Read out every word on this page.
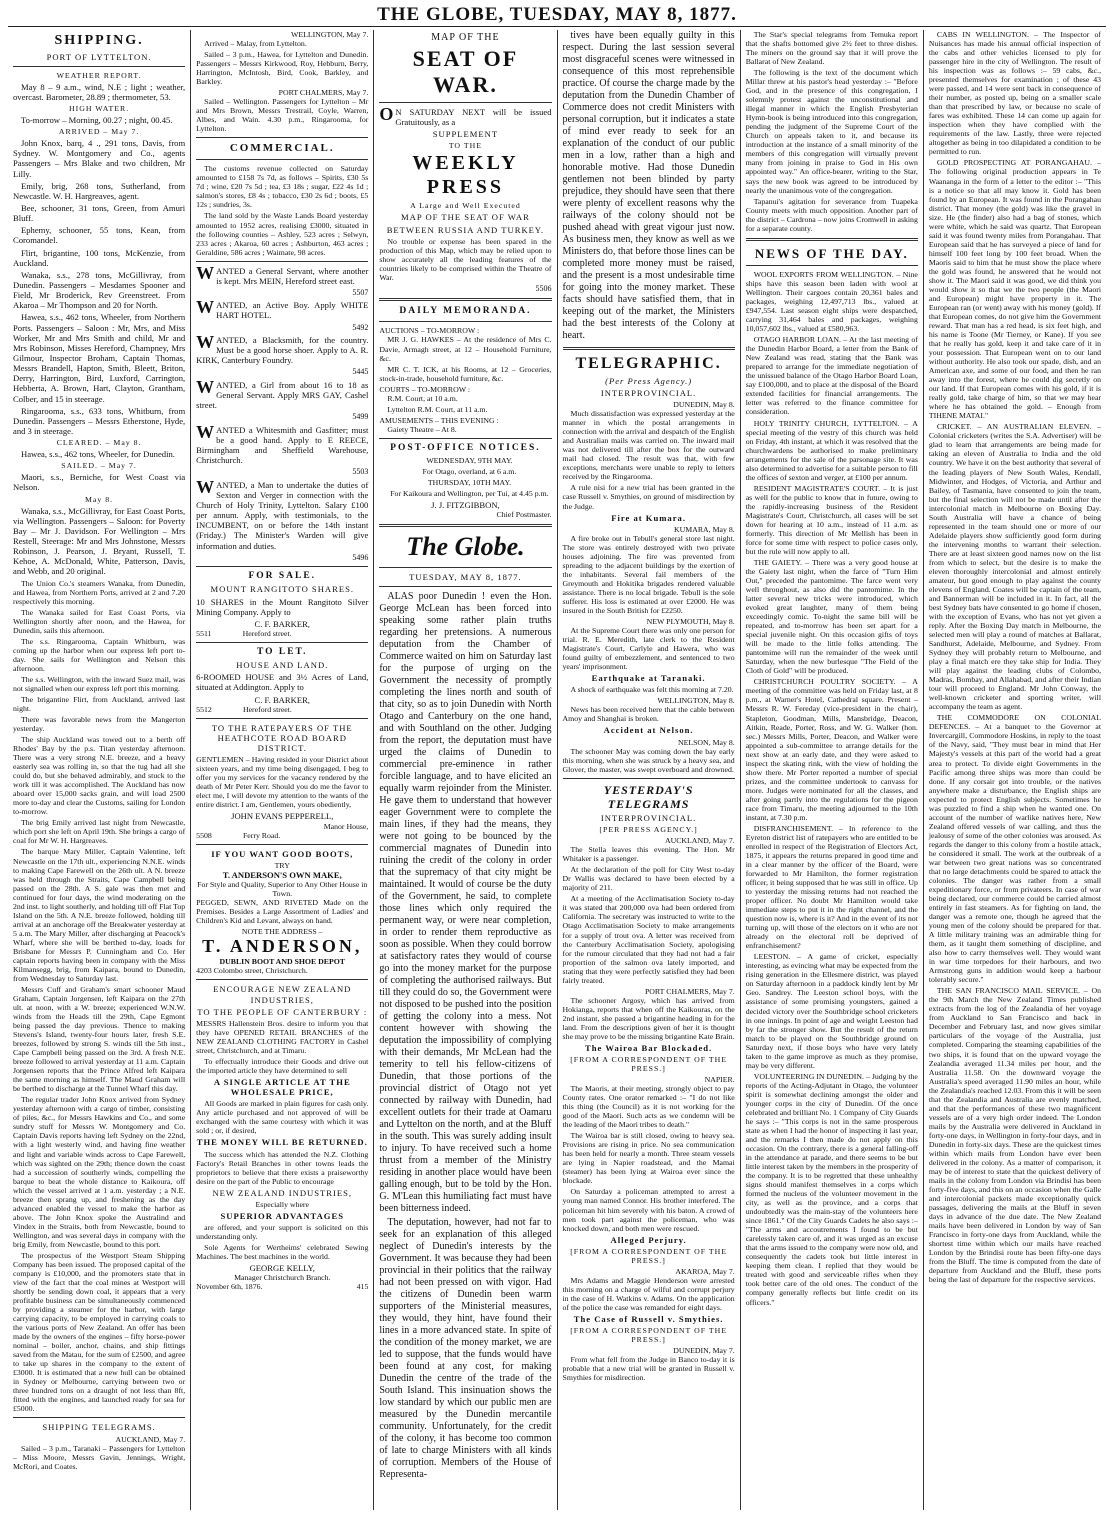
THE GLOBE, TUESDAY, MAY 8, 1877.
SHIPPING.
PORT OF LYTTELTON.
WEATHER REPORT.

May 8 – 9 a.m., wind, N.E ; light ; weather, overcast. Barometer, 28.89 ; thermometer, 53.

HIGH WATER.

To-morrow – Morning, 00.27 ; night, 00.45.

ARRIVED – May 7.

John Knox, barq, 4 ., 291 tons, Davis, from Sydney. W. Montgomery and Co., agents Passengers – Mrs Blake and two children, Mr Lilly.

Emily, brig, 268 tons, Sutherland, from Newcastle. W. H. Hargreaves, agent.

Bee, schooner, 31 tons, Green, from Amuri Bluff.

Ephemy, schooner, 55 tons, Kean, from Coromandel.

Flirt, brigantine, 100 tons, McKenzie, from Auckland.

Wanaka, s.s., 278 tons, McGillivray, from Dunedin. Passengers – Mesdames Spooner and Field, Mr Broderick, Rev Greenstreet. From Akaroa – Mr Thompson and 20 for North.

Hawea, s.s., 462 tons, Wheeler, from Northern Ports. Passengers – Saloon : Mr, Mrs, and Miss Worker, Mr and Mrs Smith and child, Mr and Mrs Robinson, Misses Hereford, Champney, Mrs Gilmour, Inspector Broham, Captain Thomas, Messrs Brandell, Hapton, Smith, Bleett, Briton, Derry, Harrington, Bird, Luxford, Carrington, Hebberta, A. Brown, Hart, Clayton, Grantham, Colber, and 15 in steerage.

Ringarooma, s.s., 633 tons, Whitburn, from Dunedin. Passengers – Messrs Etherstone, Hyde, and 3 in steerage.

CLEARED. – May 8.

Hawea, s.s., 462 tons, Wheeler, for Dunedin.

SAILED. – May 7.

Maori, s.s., Berniche, for West Coast via Nelson.

May 8.

Wanaka, s.s., McGillivray, for East Coast Ports, via Wellington. Passengers – Saloon: for Poverty Bay – Mr J. Davidson. For Wellington – Mrs Restell, Steerage: Mr and Mrs Johnstone, Messrs Robinson, J. Pearson, J. Bryant, Russell, T. Kehoe, A. McDonald, White, Patterson, Davis, and Webb, and 20 original.

The Union Co.'s steamers Wanaka, from Dunedin, and Hawea, from Northern Ports, arrived at 2 and 7.20 respectively this morning.

The Wanaka sailed for East Coast Ports, via Wellington shortly after noon, and the Hawea, for Dunedin, sails this afternoon.

The s.s. Ringarooma, Captain Whitburn, was coming up the harbor when our express left port to-day. She sails for Wellington and Nelson this afternoon.

The s.s. Wellington, with the inward Suez mail, was not signalled when our express left port this morning.

The brigantine Flirt, from Auckland, arrived last night.

There was favorable news from the Mangerton yesterday.

The ship Auckland was towed out to a berth off Rhodes' Bay by the p.s. Titan yesterday afternoon. There was a very strong N.E. breeze, and a heavy easterly sea was rolling in, so that the tug had all she could do, but she behaved admirably, and stuck to the work till it was accomplished. The Auckland has now aboard over 15,000 sacks grain, and will load 2500 more to-day and clear the Customs, sailing for London to-morrow.

The brig Emily arrived last night from Newcastle, which port she left on April 19th. She brings a cargo of coal for Mr W. H. Hargreaves.

The barque Mary Miller, Captain Valentine, left Newcastle on the 17th ult., experiencing N.N.E. winds to making Cape Farewell on the 26th ult. A N. breeze was held through the Straits, Cape Campbell being passed on the 28th. A S. gale was then met and continued for four days, the wind moderating on the 2nd inst. to light southerly, and holding till off Flat Top Island on the 5th. A N.E. breeze followed, holding till arrival at an anchorage off the Breakwater yesterday at 5 a.m. The Mary Miller, after discharging at Peacock's Wharf, where she will be berthed to-day, loads for Brisbane for Messrs P. Cunningham and Co. Her captain reports having been in company with the Miss Kilmansegg, brig, from Kaipara, bound to Dunedin, from Wednesday to Saturday last.

Messrs Cuff and Graham's smart schooner Maud Graham, Captain Jorgensen, left Kaipara on the 27th ult. at noon, with a W. breeze; experienced W.N.W. winds from the Heads till the 29th, Cape Egmont being passed the day previous. Thence to making Stevens's Island, twenty-four hours later, fresh S.E. breezes, followed by strong S. winds till the 5th inst., Cape Campbell being passed on the 3rd. A fresh N.E. breeze followed to arrival yesterday at 11 a.m. Captain Jorgensen reports that the Prince Alfred left Kaipara the same morning as himself. The Maud Graham will be berthed to discharge at the Tunnel Wharf this day.

The regular trader John Knox arrived from Sydney yesterday afternoon with a cargo of timber, consisting of piles, &c., for Messrs Hawkins and Co., and some sundry stuff for Messrs W. Montgomery and Co. Captain Davis reports having left Sydney on the 22nd, with a light westerly wind, and having fine weather and light and variable winds across to Cape Farewell, which was sighted on the 29th; thence down the coast had a succession of southerly winds, compelling the barque to beat the whole distance to Kaikoura, off which the vessel arrived at 1 a.m. yesterday ; a N.E. breeze then sprang up, and freshening as the day advanced enabled the vessel to make the harbor as above. The John Knox spoke the Australind and Vindex in the Straits, both from Newcastle, bound to Wellington, and was several days in company with the brig Emily, from Newcastle, bound to this port.

The prospectus of the Westport Steam Shipping Company has been issued. The proposed capital of the company is £10,000, and the promoters state that in view of the fact that the coal mines at Westport will shortly be sending down coal, it appears that a very profitable business can be simultaneously commenced by providing a steamer for the harbor, with large carrying capacity, to be employed in carrying coals to the various ports of New Zealand. An offer has been made by the owners of the engines – fifty horse-power nominal – boiler, anchor, chains, and ship fittings saved from the Matau, for the sum of £2500, and agree to take up shares in the company to the extent of £3000. It is estimated that a new hull can be obtained in Sydney or Melbourne, carrying between two or three hundred tons on a draught of not less than 8ft, fitted with the engines, and launched ready for sea for £5000.

SHIPPING TELEGRAMS.
AUCKLAND, May 7.

Sailed – 3 p.m., Taranaki – Passengers for Lyttelton – Miss Moore, Messrs Gavin, Jennings, Wright, McRori, and Coates.

WELLINGTON, May 7.

Arrived – Malay, from Lyttelton.

Sailed – 3 p.m., Hawea, for Lyttelton and Dunedin. Passengers – Messrs Kirkwood, Roy, Hebburn, Berry, Harrington, McIntosh, Bird, Cook, Barkley, and Barkley.

PORT CHALMERS, May 7.

Sailed – Wellington. Passengers for Lyttelton – Mr and Mrs Brown, Messrs Trestrail, Coyle, Warren, Albes, and Wain. 4.30 p.m., Ringarooma, for Lyttelton.

COMMERCIAL.

The customs revenue collected on Saturday amounted to £158 7s 7d, as follows – Spirits, £30 5s 7d ; wine, £20 7s 5d ; tea, £3 18s ; sugar, £22 4s 1d ; salmon's stores, £8 4s ; tobacco, £30 2s 6d ; boots, £5 12s ; sundries, 3s.

The land sold by the Waste Lands Board yesterday amounted to 1952 acres, realising £3000, situated in the following counties – Ashley, 523 acres ; Selwyn, 233 acres ; Akaroa, 60 acres ; Ashburton, 463 acres ; Geraldine, 586 acres ; Waimate, 98 acres.

WANTED a General Servant, where another is kept. Mrs MEIN, Hereford street east.

5507

WANTED, an Active Boy. Apply WHITE HART HOTEL.

5492

WANTED, a Blacksmith, for the country. Must be a good horse shoer. Apply to A. R. KIRK, Canterbury Foundry.

5445

WANTED, a Girl from about 16 to 18 as General Servant. Apply MRS GAY, Cashel street.

5499

WANTED a Whitesmith and Gasfitter; must be a good hand. Apply to E REECE, Birmingham and Sheffield Warehouse, Christchurch.

5503

WANTED, a Man to undertake the duties of Sexton and Verger in connection with the Church of Holy Trinity, Lyttelton. Salary £100 per annum. Apply, with testimonials, to the INCUMBENT, on or before the 14th instant (Friday.) The Minister's Warden will give information and duties.

5496
FOR SALE.
MOUNT RANGITOTO SHARES.

10 SHARES in the Mount Rangitoto Silver Mining Company. Apply to

C. F. BARKER,
5511                Hereford street.
TO LET.
HOUSE AND LAND.

6-ROOMED HOUSE and 3½ Acres of Land, situated at Addington. Apply to

C. F. BARKER,
5512                Hereford street.
TO THE RATEPAYERS OF THE HEATHCOTE ROAD BOARD DISTRICT.

GENTLEMEN – Having resided in your District about sixteen years, and my time being disengaged, I beg to offer you my services for the vacancy rendered by the death of Mr Peter Kerr. Should you do me the favor to elect me, I will devote my attention to the wants of the entire district. I am, Gentlemen, yours obediently,

JOHN EVANS PEPPERELL,
Manor House,
5508                Ferry Road.
IF YOU WANT GOOD BOOTS,
TRY
T. ANDERSON'S OWN MAKE,
For Style and Quality, Superior to Any Other House in Town.

PEGGED, SEWN, AND RIVETED Made on the Premises. Besides a Large Assortment of Ladies' and Children's Kid and Levant, always on hand.

NOTE THE ADDRESS –
T. ANDERSON,
DUBLIN BOOT AND SHOE DEPOT
4203 Colombo street, Christchurch.
ENCOURAGE NEW ZEALAND INDUSTRIES,
TO THE PEOPLE OF CANTERBURY :

MESSRS Hallenstein Bros. desire to inform you that they have OPENED RETAIL BRANCHES of the NEW ZEALAND CLOTHING FACTORY in Cashel street, Christchurch, and at Timaru.

To effectually introduce their Goods and drive out the imported article they have determined to sell

A SINGLE ARTICLE AT THE WHOLESALE PRICE,

All Goods are marked in plain figures for cash only. Any article purchased and not approved of will be exchanged with the same courtesy with which it was sold ; or, if desired,

THE MONEY WILL BE RETURNED.

The success which has attended the N.Z. Clothing Factory's Retail Branches in other towns leads the proprietors to believe that there exists a praiseworthy desire on the part of the Public to encourage

NEW ZEALAND INDUSTRIES,
Especially where
SUPERIOR ADVANTAGES

are offered, and your support is solicited on this understanding only.

Sole Agents for Wertheims' celebrated Sewing Machines. The best machines in the world.

GEORGE KELLY,
Manager Christchurch Branch.
November 6th, 1876.	415
MAP OF THE
SEAT OF WAR.

ON SATURDAY NEXT will be issued Gratuitously, as a

SUPPLEMENT
TO THE
WEEKLY PRESS
A Large and Well Executed
MAP OF THE SEAT OF WAR
BETWEEN RUSSIA AND TURKEY.

No trouble or expense has been spared in the production of this Map, which may be relied upon to show accurately all the leading features of the countries likely to be comprised within the Theatre of War.

5506
DAILY MEMORANDA.
AUCTIONS – TO-MORROW :

MR J. G. HAWKES – At the residence of Mrs C. Davie, Armagh street, at 12 – Household Furniture, &c.

MR C. T. ICK, at his Rooms, at 12 – Groceries, stock-in-trade, household furniture, &c.

COURTS – TO-MORROW :

R.M. Court, at 10 a.m.

Lyttelton R.M. Court, at 11 a.m.

AMUSEMENTS – THIS EVENING :
Gaiety Theatre – At 8.
POST-OFFICE NOTICES.

WEDNESDAY, 9TH MAY.

For Otago, overland, at 6 a.m.

THURSDAY, 10TH MAY.

For Kaikoura and Wellington, per Tui, at 4.45 p.m.

J. J. FITZGIBBON,
Chief Postmaster.
The Globe.
TUESDAY, MAY 8, 1877.

ALAS poor Dunedin ! even the Hon. George McLean has been forced into speaking some rather plain truths regarding her pretensions. A numerous deputation from the Chamber of Commerce waited on him on Saturday last for the purpose of urging on the Government the necessity of promptly completing the lines north and south of that city, so as to join Dunedin with North Otago and Canterbury on the one hand, and with Southland on the other. Judging from the report, the deputation must have urged the claims of Dunedin to commercial pre-eminence in rather forcible language, and to have elicited an equally warm rejoinder from the Minister. He gave them to understand that however eager Government were to complete the main lines, if they had the means, they were not going to be bounced by the commercial magnates of Dunedin into ruining the credit of the colony in order that the supremacy of that city might be maintained. It would of course be the duty of the Government, he said, to complete those lines which only required the permanent way, or were near completion, in order to render them reproductive as soon as possible. When they could borrow at satisfactory rates they would of course go into the money market for the purpose of completing the authorised railways. But till they could do so, the Government were not disposed to be pushed into the position of getting the colony into a mess. Not content however with showing the deputation the impossibility of complying with their demands, Mr McLean had the temerity to tell his fellow-citizens of Dunedin, that those portions of the provincial district of Otago not yet connected by railway with Dunedin, had excellent outlets for their trade at Oamaru and Lyttelton on the north, and at the Bluff in the south. This was surely adding insult to injury. To have received such a home thrust from a member of the Ministry residing in another place would have been galling enough, but to be told by the Hon. G. M'Lean this humiliating fact must have been bitterness indeed.

The deputation, however, had not far to seek for an explanation of this alleged neglect of Dunedin's interests by the Government. It was because they had been provincial in their politics that the railway had not been pressed on with vigor. Had the citizens of Dunedin been warm supporters of the Ministerial measures, they would, they hint, have found their lines in a more advanced state. In spite of the condition of the money market, we are led to suppose, that the funds would have been found at any cost, for making Dunedin the centre of the trade of the South Island. This insinuation shows the low standard by which our public men are measured by the Dunedin mercantile community. Unfortunately, for the credit of the colony, it has become too common of late to charge Ministers with all kinds of corruption. Members of the House of Representa-

tives have been equally guilty in this respect. During the last session several most disgraceful scenes were witnessed in consequence of this most reprehensible practice. Of course the charge made by the deputation from the Dunedin Chamber of Commerce does not credit Ministers with personal corruption, but it indicates a state of mind ever ready to seek for an explanation of the conduct of our public men in a low, rather than a high and honorable motive. Had those Dunedin gentlemen not been blinded by party prejudice, they should have seen that there were plenty of excellent reasons why the railways of the colony should not be pushed ahead with great vigour just now. As business men, they know as well as we Ministers do, that before those lines can be completed more money must be raised, and the present is a most undesirable time for going into the money market. These facts should have satisfied them, that in keeping out of the market, the Ministers had the best interests of the Colony at heart.

TELEGRAPHIC.
(Per Press Agency.)
INTERPROVINCIAL.
DUNEDIN, May 8.

Much dissatisfaction was expressed yesterday at the manner in which the postal arrangements in connection with the arrival and despatch of the English and Australian mails was carried on. The inward mail was not delivered till after the box for the outward mail had closed. The result was that, with few exceptions, merchants were unable to reply to letters received by the Ringarooma.

A rule nisi for a new trial has been granted in the case Russell v. Smythies, on ground of misdirection by the Judge.

Fire at Kumara.
KUMARA, May 8.

A fire broke out in Tebull's general store last night. The store was entirely destroyed with two private houses adjoining. The fire was prevented from spreading to the adjacent buildings by the exertion of the inhabitants. Several fail members of the Greymouth and Hokitika brigades rendered valuable assistance. There is no local brigade. Tebull is the sole sufferer. His loss is estimated at over £2000. He was insured in the South British for £2250.

NEW PLYMOUTH, May 8.

At the Supreme Court there was only one person for trial. R. E. Meredith, late clerk to the Resident Magistrate's Court, Carlyle and Hawera, who was found guilty of embezzlement, and sentenced to two years' imprisonment.

Earthquake at Taranaki.

A shock of earthquake was felt this morning at 7.20.

WELLINGTON, May 8.

News has been received here that the cable between Amoy and Shanghai is broken.

Accident at Nelson.
NELSON, May 8.

The schooner May was coming down the bay early this morning, when she was struck by a heavy sea, and Glover, the master, was swept overboard and drowned.

YESTERDAY'S TELEGRAMS
INTERPROVINCIAL.
[PER PRESS AGENCY.]
AUCKLAND, May 7.

The Stella leaves this evening. The Hon. Mr Whitaker is a passenger.

At the declaration of the poll for City West to-day Dr Wallis was declared to have been elected by a majority of 211.

At a meeting of the Acclimatisation Society to-day it was stated that 200,000 ova had been ordered from California. The secretary was instructed to write to the Otago Acclimatisation Society to make arrangements for a supply of trout ova. A letter was received from the Canterbury Acclimatisation Society, apologising for the rumour circulated that they had not had a fair proportion of the salmon ova lately imported, and stating that they were perfectly satisfied they had been fairly treated.

PORT CHALMERS, May 7.

The schooner Argosy, which has arrived from Hokianga, reports that when off the Kaikouras, on the 2nd instant, she passed a brigantine heading in for the land. From the descriptions given of her it is thought she may prove to be the missing brigantine Kate Brain.

The Wairoa Bar Blockaded.
[FROM A CORRESPONDENT OF THE PRESS.]
NAPIER.

The Maoris, at their meeting, strongly object to pay County rates. One orator remarked :– "I do not like this thing (the Council) as it is not working for the good of the Maori. Such acts as we condemn will be the leading of the Maori tribes to death."

The Wairoa bar is still closed, owing to heavy sea. Provisions are rising in price. No sea communication has been held for nearly a month. Three steam vessels are lying in Napier roadstead, and the Mamai (steamer) has been lying at Wairoa ever since the blockade.

On Saturday a policeman attempted to arrest a young man named Connor. His brother interfered. The policeman hit him severely with his baton. A crowd of men took part against the policeman, who was knocked down, and both men were rescued.

Alleged Perjury.
[FROM A CORRESPONDENT OF THE PRESS.]
AKAROA, May 7.

Mrs Adams and Maggie Henderson were arrested this morning on a charge of wilful and corrupt perjury in the case of H. Watkins v. Adams. On the application of the police the case was remanded for eight days.

The Case of Russell v. Smythies.
[FROM A CORRESPONDENT OF THE PRESS.]
DUNEDIN, May 7.

From what fell from the Judge in Banco to-day it is probable that a new trial will be granted in Russell v. Smythies for misdirection.

The Star's special telegrams from Temuka report that the shafts bottomed give 2½ feet to three dishes. The miners on the ground say that it will prove the Ballarat of New Zealand.

The following is the text of the document which Millar threw at his pastor's head yesterday :– "Before God, and in the presence of this congregation, I solemnly protest against the unconstitutional and illegal manner in which the English Presbyterian Hymn-book is being introduced into this congregation, pending the judgment of the Supreme Court of the Church on appeals taken to it, and because its introduction at the instance of a small minority of the members of this congregation will virtually prevent many from joining in praise to God in His own appointed way." An office-bearer, writing to the Star, says the new book was agreed to be introduced by nearly the unanimous vote of the congregation.

Tapanui's agitation for severance from Tuapeka County meets with much opposition. Another part of the district – Cardrona – now joins Cromwell in asking for a separate county.

NEWS OF THE DAY.

WOOL EXPORTS FROM WELLINGTON. – Nine ships have this season been laden with wool at Wellington. Their cargoes contain 20,361 bales and packages, weighing 12,497,713 lbs., valued at £947,554. Last season eight ships were despatched, carrying 31,464 bales and packages, weighing 10,057,602 lbs., valued at £580,963.

OTAGO HARBOR LOAN. – At the last meeting of the Dunedin Harbor Board, a letter from the Bank of New Zealand was read, stating that the Bank was prepared to arrange for the immediate negotiation of the unissued balance of the Otago Harbor Board Loan, say £100,000, and to place at the disposal of the Board extended facilities for financial arrangements. The letter was referred to the finance committee for consideration.

HOLY TRINITY CHURCH, LYTTELTON. – A special meeting of the vestry of this church was held on Friday, 4th instant, at which it was resolved that the churchwardens be authorised to make preliminary arrangements for the sale of the parsonage site. It was also determined to advertise for a suitable person to fill the offices of sexton and verger, at £100 per annum.

RESIDENT MAGISTRATE'S COURT. – It is just as well for the public to know that in future, owing to the rapidly-increasing business of the Resident Magistrate's Court, Christchurch, all cases will be set down for hearing at 10 a.m., instead of 11 a.m. as formerly. This direction of Mr Mellish has been in force for some time with respect to police cases only, but the rule will now apply to all.

THE GAIETY. – There was a very good house at the Gaiety last night, when the farce of "Turn Him Out," preceded the pantomime. The farce went very well throughout, as also did the pantomime. In the latter several new tricks were introduced, which evoked great laughter, many of them being exceedingly comic. To-night the same bill will be repeated, and to-morrow has been set apart for a special juvenile night. On this occasion gifts of toys will be made to the little folks attending. The pantomime will run the remainder of the week until Saturday, when the new burlesque "The Field of the Cloth of Gold" will be produced.

CHRISTCHURCH POULTRY SOCIETY. – A meeting of the committee was held on Friday last, at 8 p.m., at Warner's Hotel, Cathedral square. Present – Messrs R. W. Fereday (vice-president in the chair), Stapleton, Goodman, Mills, Mansbridge, Deacon, Aitkin, Reade, Porter, Ross, and W. G. Walker (hon. sec.) Messrs Mills, Porter, Deacon, and Walker were appointed a sub-committee to arrange details for the next show at an early date, and they were asked to inspect the skating rink, with the view of holding the show there. Mr Porter reported a number of special prizes, and the committee undertook to canvass for more. Judges were nominated for all the classes, and after going partly into the regulations for the pigeon race from Timaru, the meeting adjourned to the 10th instant, at 7.30 p.m.

DISFRANCHISEMENT. – In reference to the Eyreton district list of ratepayers who are entitled to be enrolled in respect of the Registration of Electors Act, 1875, it appears the returns prepared in good time and in a clear manner by the officer of the Board, were forwarded to Mr Hamilton, the former registration officer, it being supposed that he was still in office. Up to yesterday the missing returns had not reached the proper officer. No doubt Mr Hamilton would take immediate steps to put it in the right channel, and the question now is, where is it? And in the event of its not turning up, will those of the electors on it who are not already on the electoral roll be deprived of enfranchisement?

LEESTON. – A game of cricket, especially interesting, as evincing what may be expected from the rising generation in the Ellesmere district, was played on Saturday afternoon in a paddock kindly lent by Mr Geo. Sandrey. The Leeston school boys, with the assistance of some promising youngsters, gained a decided victory over the Southbridge school cricketers in one innings. In point of age and weight Leeston had by far the stronger show. But the result of the return match to be played on the Southbridge ground on Saturday next, if those boys who have very lately taken to the game improve as much as they promise, may be very different.

VOLUNTEERING IN DUNEDIN. – Judging by the reports of the Acting-Adjutant in Otago, the volunteer spirit is somewhat declining amongst the older and younger corps in the city of Dunedin. Of the once celebrated and brilliant No. 1 Company of City Guards he says :– "This corps is not in the same prosperous state as when I had the honor of inspecting it last year, and the remarks I then made do not apply on this occasion. On the contrary, there is a general falling-off in the attendance at parade, and there seems to be but little interest taken by the members in the prosperity of the company. It is to be regretted that these unhealthy signs should manifest themselves in a corps which formed the nucleus of the volunteer movement in the city, as well as the province, and a corps that undoubtedly was the main-stay of the volunteers here since 1861." Of the City Guards Cadets he also says :– "The arms and accoutrements I found to be but carelessly taken care of, and it was urged as an excuse that the arms issued to the company were now old, and consequently the cadets took but little interest in keeping them clean. I replied that they would be treated with good and serviceable rifles when they took better care of the old ones. The conduct of the company generally reflects but little credit on its officers."

CABS IN WELLINGTON. – The Inspector of Nuisances has made his annual official inspection of the cabs and other vehicles licensed to ply for passenger hire in the city of Wellington. The result of his inspection was as follows :– 59 cabs, &c., presented themselves for examination ; of these 43 were passed, and 14 were sent back in consequence of their number, as posted up, being on a smaller scale than that prescribed by law, or because no scale of fares was exhibited. These 14 can come up again for inspection when they have complied with the requirements of the law. Lastly, three were rejected altogether as being in too dilapidated a condition to be permitted to run.

GOLD PROSPECTING AT PORANGAHAU. – The following original production appears in Te Waananga in the form of a letter to the editor :– "This is a notice so that all may know it. Gold has been found by an European. It was found in the Porangahau district. That money (the gold) was like the gravel in size. He (the finder) also had a bag of stones, which were white, which he said was quartz. That European said it was found twenty miles from Porangahau. That European said that he has surveyed a piece of land for himself 100 feet long by 100 feet broad. When the Maoris said to him that he must show the place where the gold was found, he answered that he would not show it. The Maori said it was good, we did think you would show it so that we the two people (the Maori and European) might have property in it. The European ran (or went) away with his money (gold). If that European comes, do not give him the Government reward. That man has a red head, is six feet high, and his name is Toone (Mr Tierney, or Kane). If you see that he really has gold, keep it and take care of it in your possession. That European went on to our land without authority. He also took our spade, dish, and an American axe, and some of our food, and then he ran away into the forest, where he could dig secretly on our land. If that European comes with his gold, if it is really gold, take charge of him, so that we may hear where he has obtained the gold. – Enough from TIHENE MATAI."

CRICKET. – AN AUSTRALIAN ELEVEN. – Colonial cricketers (writes the S.A. Advertiser) will be glad to learn that arrangements are being made for taking an eleven of Australia to India and the old country. We have it on the best authority that several of the leading players of New South Wales, Kendall, Midwinter, and Hodges, of Victoria, and Arthur and Bailey, of Tasmania, have consented to join the team, but the final selection will not be made until after the intercolonial match in Melbourne on Boxing Day. South Australia will have a chance of being represented in the team should one or more of our Adelaide players show sufficiently good form during the intervening months to warrant their selection. There are at least sixteen good names now on the list from which to select, but the desire is to make the eleven thoroughly intercolonial and almost entirely amateur, but good enough to play against the county elevens of England. Coates will be captain of the team, and Bannerman will be included in it. In fact, all the best Sydney bats have consented to go home if chosen, with the exception of Evans, who has not yet given a reply. After the Boxing Day match in Melbourne, the selected men will play a round of matches at Ballarat, Sandhurst, Adelaide, Melbourne, and Sydney. From Sydney they will probably return to Melbourne, and play a final match ere they take ship for India. They will play against the leading clubs of Colombo, Madras, Bombay, and Allahabad, and after their Indian tour will proceed to England. Mr John Conway, the well-known cricketer and sporting writer, will accompany the team as agent.

THE COMMODORE ON COLONIAL DEFENCES. – At a banquet to the Governor at Invercargill, Commodore Hoskins, in reply to the toast of the Navy, said, "They must bear in mind that Her Majesty's vessels at this part of the world had a great area to protect. To divide eight Governments in the Pacific among three ships was more than could be done. If any corsair got into trouble, or the natives anywhere make a disturbance, the English ships are expected to protect English subjects. Sometimes he was puzzled to find a ship when he wanted one. On account of the number of warlike natives here, New Zealand offered vessels of war calling, and thus the jealousy of some of the other colonies was aroused. As regards the danger to this colony from a hostile attack, he considered it small. The work at the outbreak of a war between two great nations was so concentrated that no large detachments could be spared to attack the colonies. The danger was rather from a small expeditionary force, or from privateers. In case of war being declared, our commerce could be carried almost entirely in fast steamers. As for fighting on land, the danger was a remote one, though he agreed that the young men of the colony should be prepared for that. A little military training was an admirable thing for them, as it taught them something of discipline, and also how to carry themselves well. They would want in war time torpedoes for their harbours, and two Armstrong guns in addition would keep a harbour tolerably secure."

THE SAN FRANCISCO MAIL SERVICE. – On the 9th March the New Zealand Times published extracts from the log of the Zealandia of her voyage from Auckland to San Francisco and back in December and February last, and now gives similar particulars of the voyage of the Australia, just completed. Comparing the steaming capabilities of the two ships, it is found that on the upward voyage the Zealandia averaged 11.34 miles per hour, and the Australia 11.58. On the downward voyage the Australia's speed averaged 11.90 miles an hour, while the Zealandia's reached 12.03. From this it will be seen that the Zealandia and Australia are evenly matched, and that the performances of these two magnificent vessels are of a very high order indeed. The London mails by the Australia were delivered in Auckland in forty-one days, in Wellington in forty-four days, and in Dunedin in forty-six days. These are the quickest times within which mails from London have ever been delivered in the colony. As a matter of comparison, it may be of interest to state that the quickest delivery of mails in the colony from London via Brindisi has been forty-five days, and this on an occasion when the Galle and intercolonial packets made exceptionally quick passages, delivering the mails at the Bluff in seven days in advance of the due date. The New Zealand mails have been delivered in London by way of San Francisco in forty-one days from Auckland, while the shortest time within which our mails have reached London by the Brindisi route has been fifty-one days from the Bluff. The time is computed from the date of departure from Auckland and the Bluff, these ports being the last of departure for the respective services.
